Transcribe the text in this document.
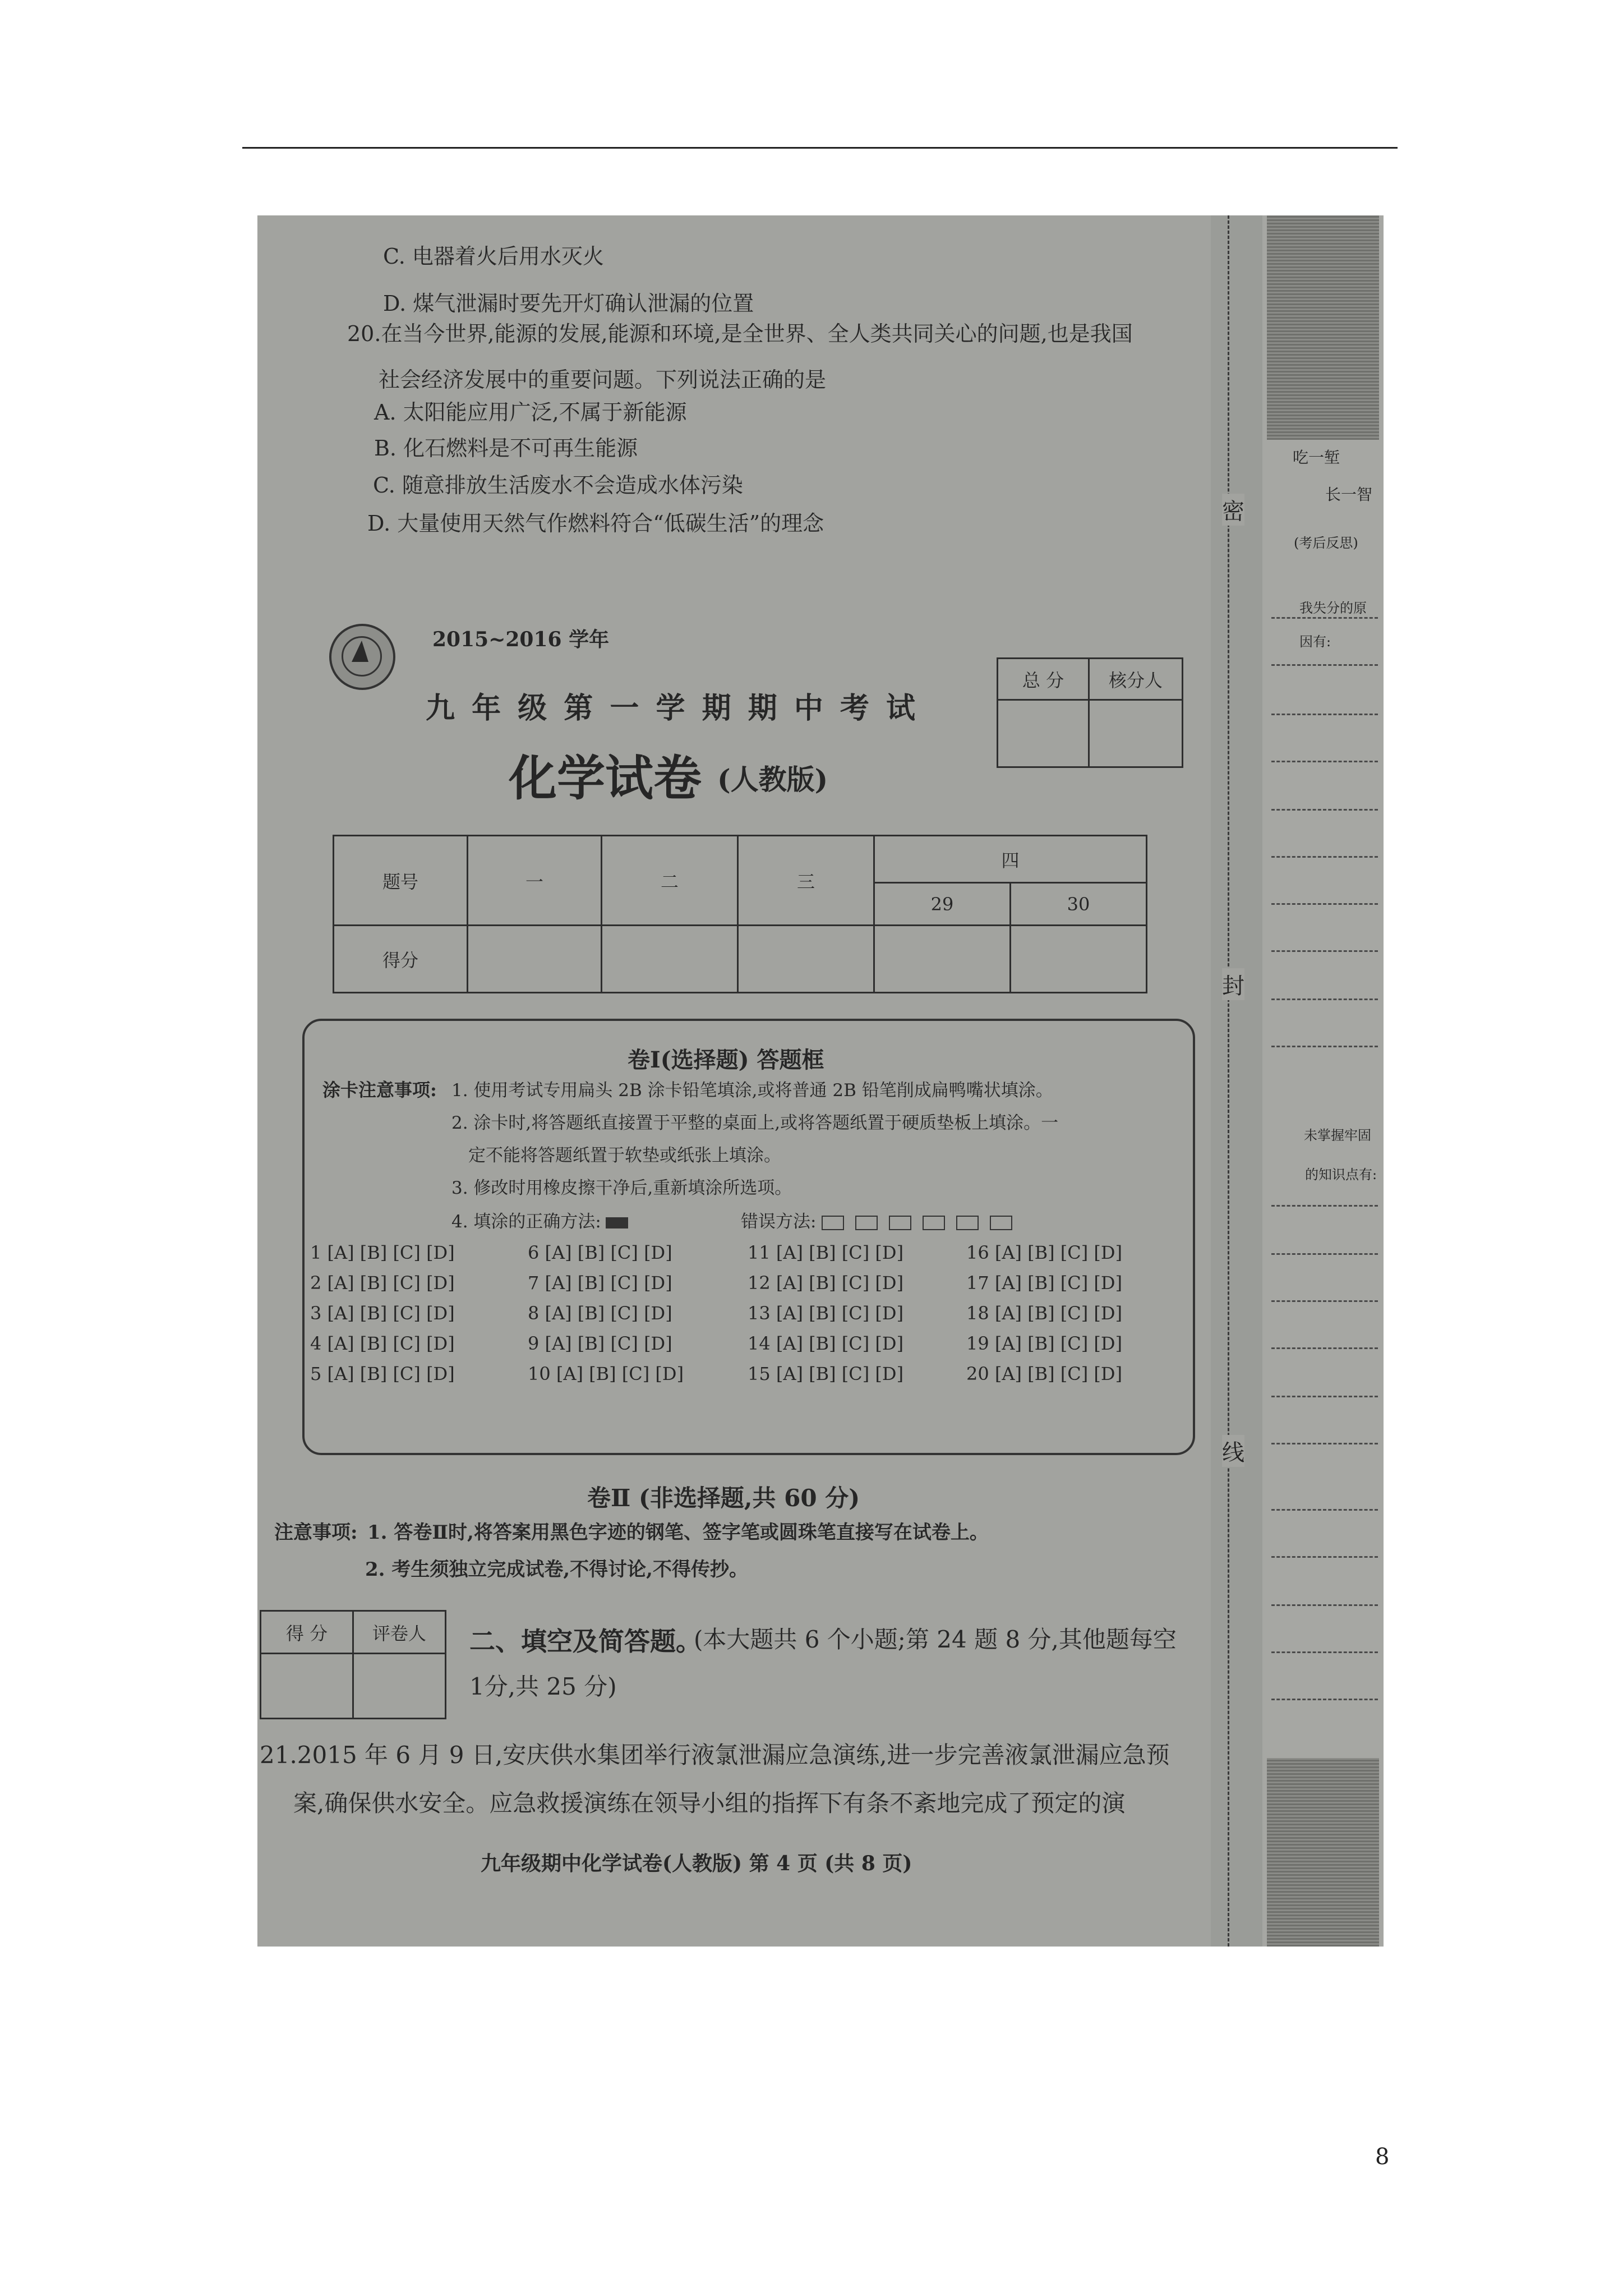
C. 电器着火后用水灭火
D. 煤气泄漏时要先开灯确认泄漏的位置
20.在当今世界,能源的发展,能源和环境,是全世界、全人类共同关心的问题,也是我国
社会经济发展中的重要问题。下列说法正确的是
A. 太阳能应用广泛,不属于新能源
B. 化石燃料是不可再生能源
C. 随意排放生活废水不会造成水体污染
D. 大量使用天然气作燃料符合“低碳生活”的理念
2015~2016 学年
九 年 级 第 一 学 期 期 中 考 试
化学试卷 (人教版)
总 分	核分人

题号	一	二	三	四	
				29	30
得分					
卷Ⅰ(选择题) 答题框
涂卡注意事项: 1. 使用考试专用扁头 2B 涂卡铅笔填涂,或将普通 2B 铅笔削成扁鸭嘴状填涂。
2. 涂卡时,将答题纸直接置于平整的桌面上,或将答题纸置于硬质垫板上填涂。一
定不能将答题纸置于软垫或纸张上填涂。
3. 修改时用橡皮擦干净后,重新填涂所选项。
4. 填涂的正确方法:	错误方法:
1 [A] [B] [C] [D]
2 [A] [B] [C] [D]
3 [A] [B] [C] [D]
4 [A] [B] [C] [D]
5 [A] [B] [C] [D]
6 [A] [B] [C] [D]
7 [A] [B] [C] [D]
8 [A] [B] [C] [D]
9 [A] [B] [C] [D]
10 [A] [B] [C] [D]
11 [A] [B] [C] [D]
12 [A] [B] [C] [D]
13 [A] [B] [C] [D]
14 [A] [B] [C] [D]
15 [A] [B] [C] [D]
16 [A] [B] [C] [D]
17 [A] [B] [C] [D]
18 [A] [B] [C] [D]
19 [A] [B] [C] [D]
20 [A] [B] [C] [D]
卷Ⅱ (非选择题,共 60 分)
注意事项: 1. 答卷Ⅱ时,将答案用黑色字迹的钢笔、签字笔或圆珠笔直接写在试卷上。
2. 考生须独立完成试卷,不得讨论,不得传抄。
得 分	评卷人
	二、填空及简答题。
(本大题共 6 个小题;第 24 题 8 分,其他题每空
1分,共 25 分)
21.2015 年 6 月 9 日,安庆供水集团举行液氯泄漏应急演练,进一步完善液氯泄漏应急预
案,确保供水安全。应急救援演练在领导小组的指挥下有条不紊地完成了预定的演
九年级期中化学试卷(人教版) 第 4 页 (共 8 页)
密
封
线
吃一堑
长一智
(考后反思)
我失分的原
因有:
未掌握牢固
的知识点有:
8
